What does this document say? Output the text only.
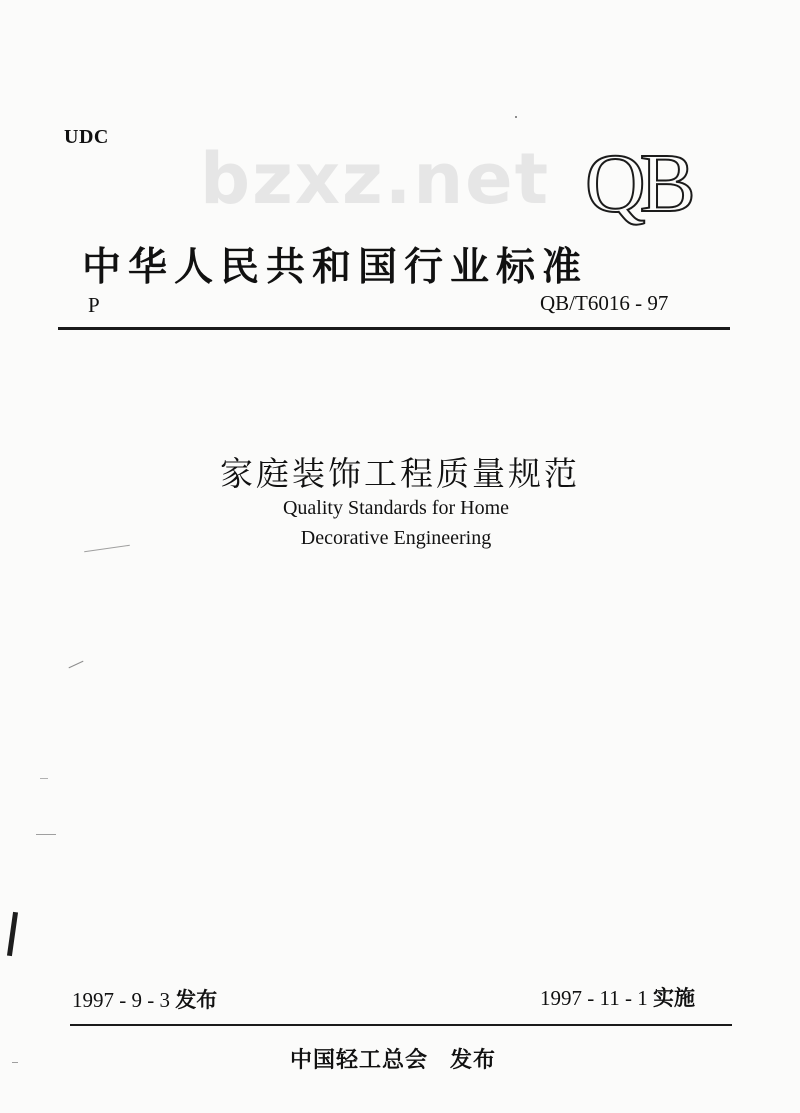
UDC
bzxz.net QB
中华人民共和国行业标准
P	QB/T6016 - 97
家庭装饰工程质量规范
Quality Standards for Home
Decorative Engineering
1997 - 9 - 3 发布	1997 - 11 - 1 实施
中国轻工总会 发布
